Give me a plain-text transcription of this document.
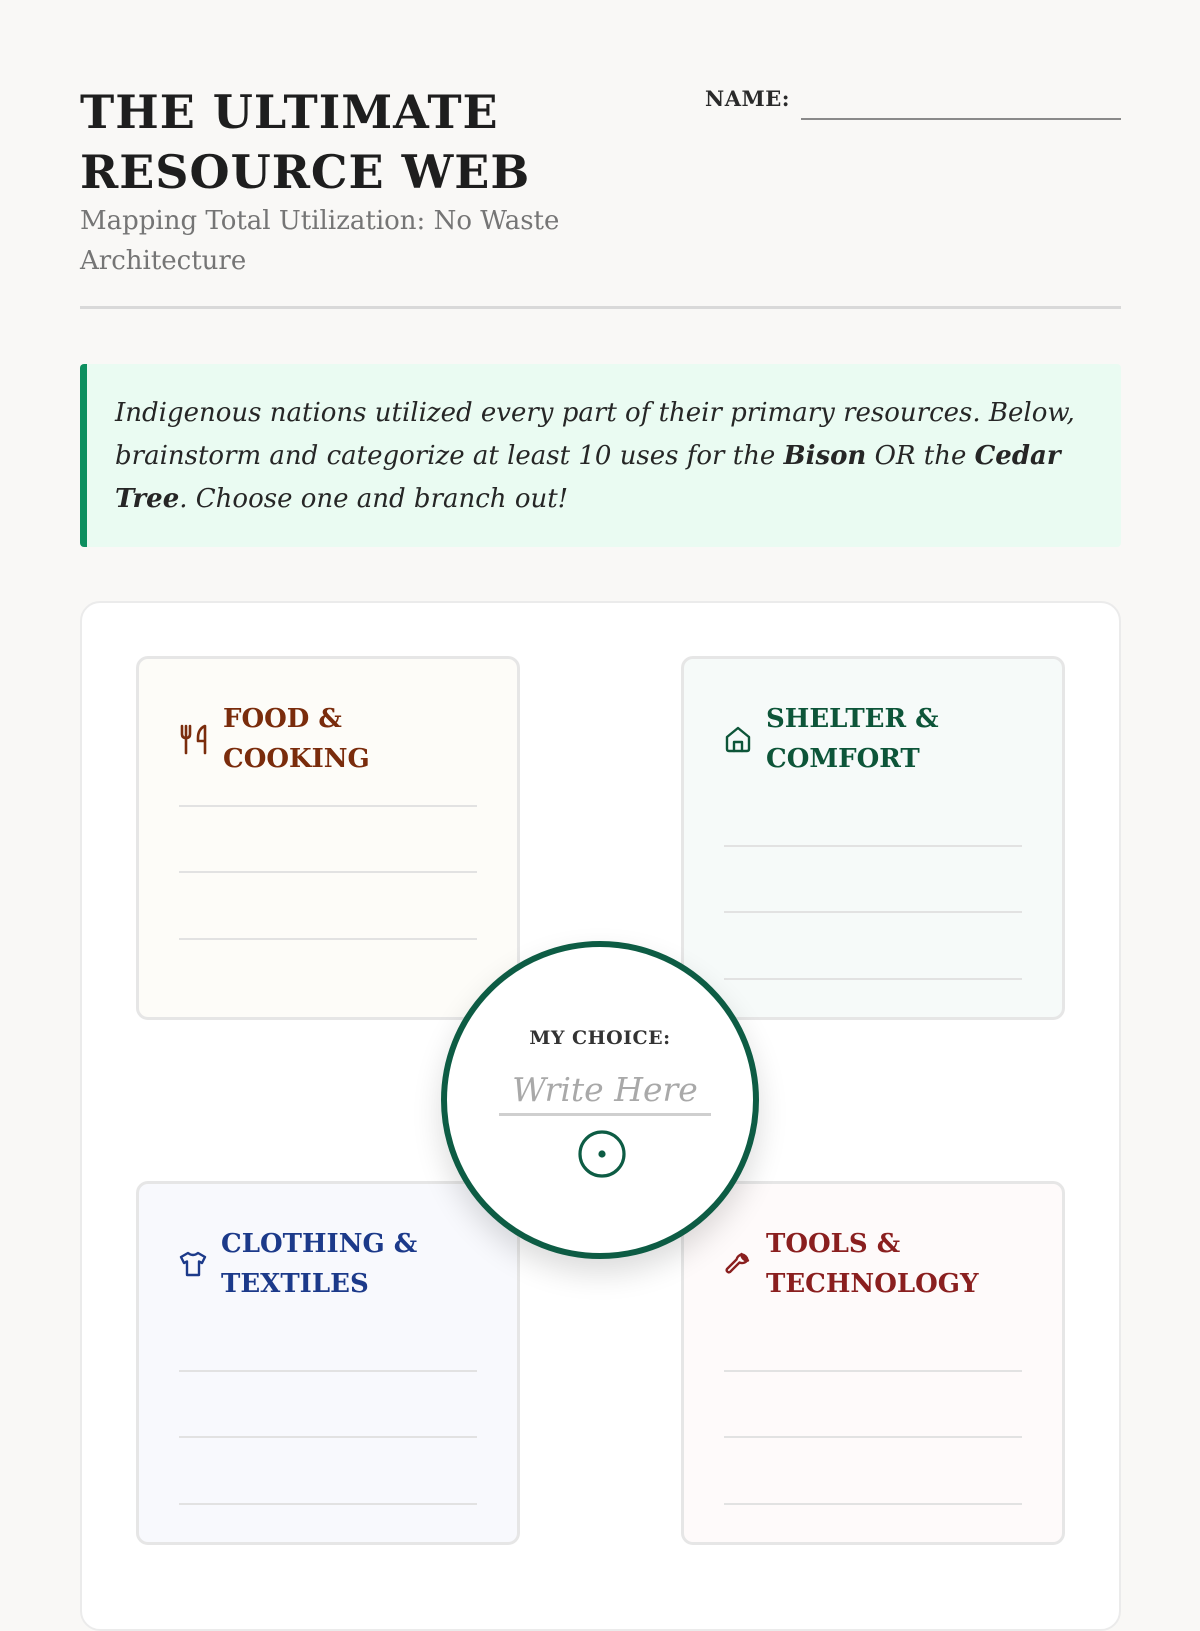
THE ULTIMATE
RESOURCE WEB
Mapping Total Utilization: No Waste Architecture
NAME:
Indigenous nations utilized every part of their primary resources. Below, brainstorm and categorize at least 10 uses for the Bison OR the Cedar Tree. Choose one and branch out!
FOOD & COOKING
SHELTER & COMFORT
CLOTHING & TEXTILES
TOOLS & TECHNOLOGY
MY CHOICE:
Write Here
